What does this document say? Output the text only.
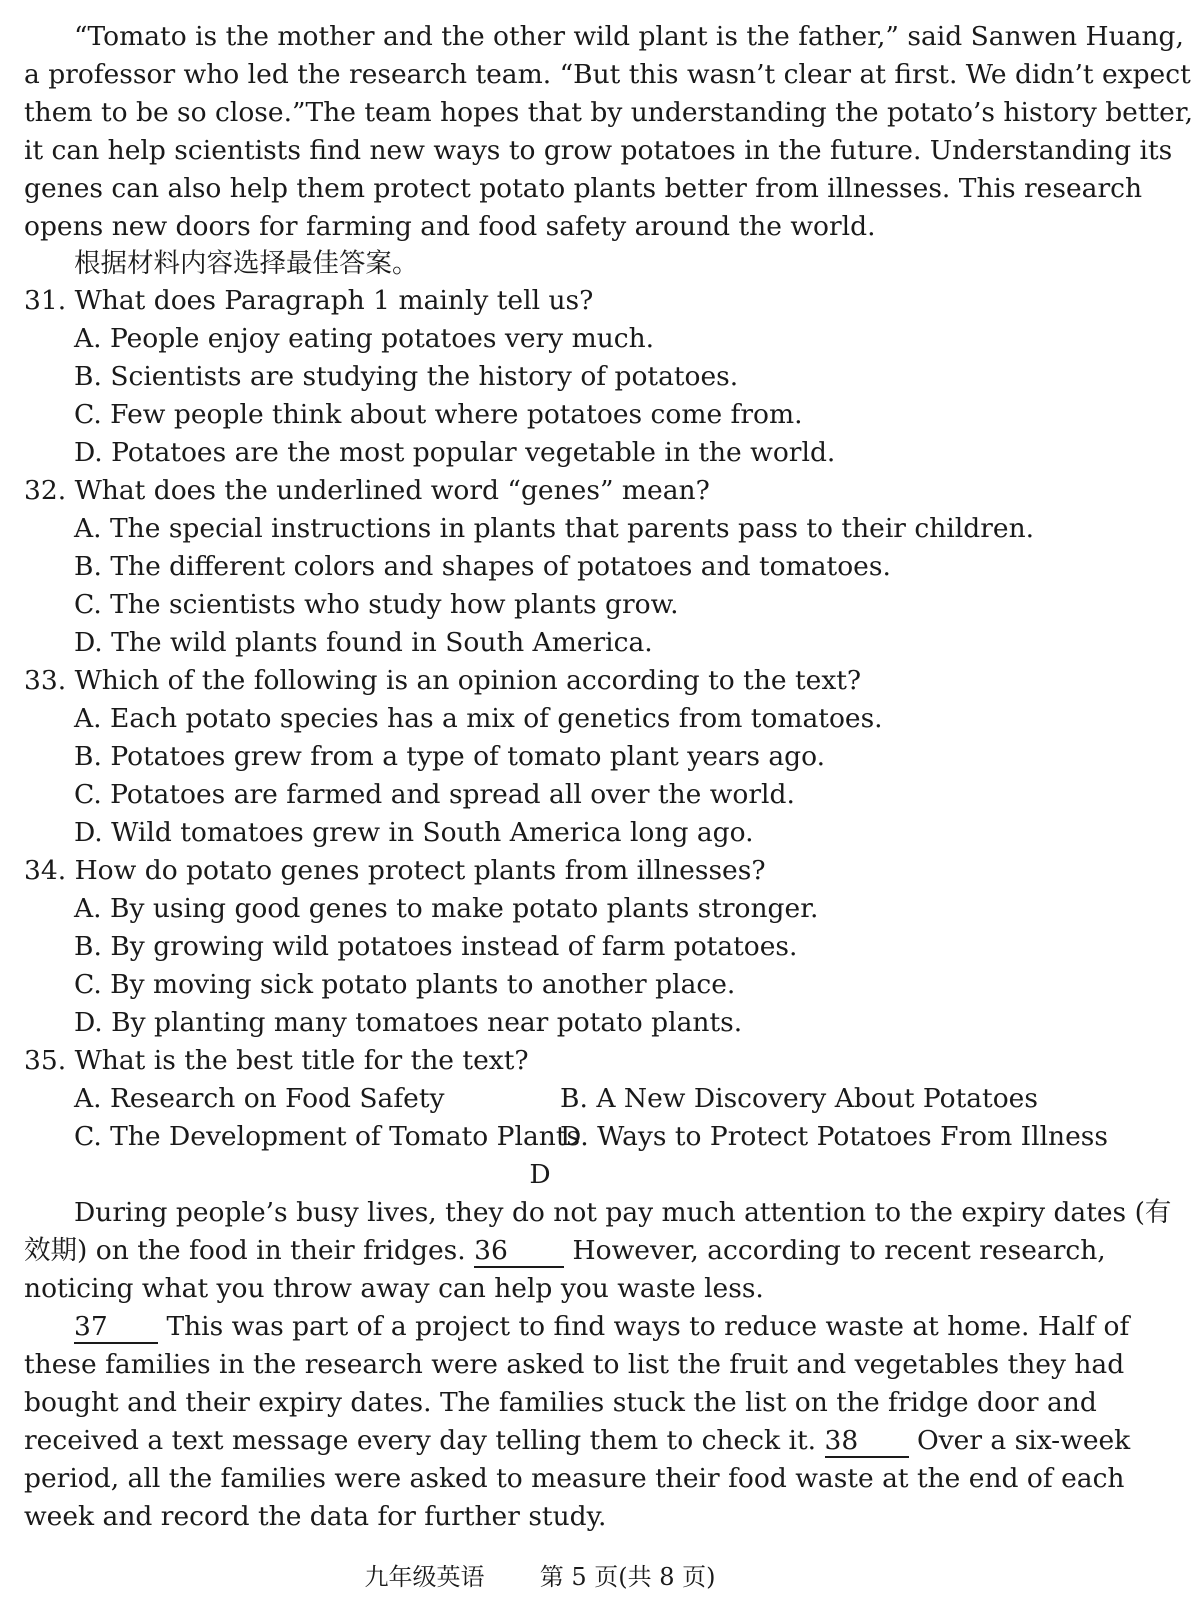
“Tomato is the mother and the other wild plant is the father,” said Sanwen Huang,
a professor who led the research team. “But this wasn’t clear at first. We didn’t expect
them to be so close.”The team hopes that by understanding the potato’s history better,
it can help scientists find new ways to grow potatoes in the future. Understanding its
genes can also help them protect potato plants better from illnesses. This research
opens new doors for farming and food safety around the world.
根据材料内容选择最佳答案。
31. What does Paragraph 1 mainly tell us?
A. People enjoy eating potatoes very much.
B. Scientists are studying the history of potatoes.
C. Few people think about where potatoes come from.
D. Potatoes are the most popular vegetable in the world.
32. What does the underlined word “genes” mean?
A. The special instructions in plants that parents pass to their children.
B. The different colors and shapes of potatoes and tomatoes.
C. The scientists who study how plants grow.
D. The wild plants found in South America.
33. Which of the following is an opinion according to the text?
A. Each potato species has a mix of genetics from tomatoes.
B. Potatoes grew from a type of tomato plant years ago.
C. Potatoes are farmed and spread all over the world.
D. Wild tomatoes grew in South America long ago.
34. How do potato genes protect plants from illnesses?
A. By using good genes to make potato plants stronger.
B. By growing wild potatoes instead of farm potatoes.
C. By moving sick potato plants to another place.
D. By planting many tomatoes near potato plants.
35. What is the best title for the text?
A. Research on Food Safety	B. A New Discovery About Potatoes
C. The Development of Tomato Plants
D. Ways to Protect Potatoes From Illness
D
During people’s busy lives, they do not pay much attention to the expiry dates (有
效期) on the food in their fridges. 36 However, according to recent research,
noticing what you throw away can help you waste less.
37 This was part of a project to find ways to reduce waste at home. Half of
these families in the research were asked to list the fruit and vegetables they had
bought and their expiry dates. The families stuck the list on the fridge door and
received a text message every day telling them to check it. 38 Over a six-week
period, all the families were asked to measure their food waste at the end of each
week and record the data for further study.
九年级英语 第 5 页(共 8 页)
